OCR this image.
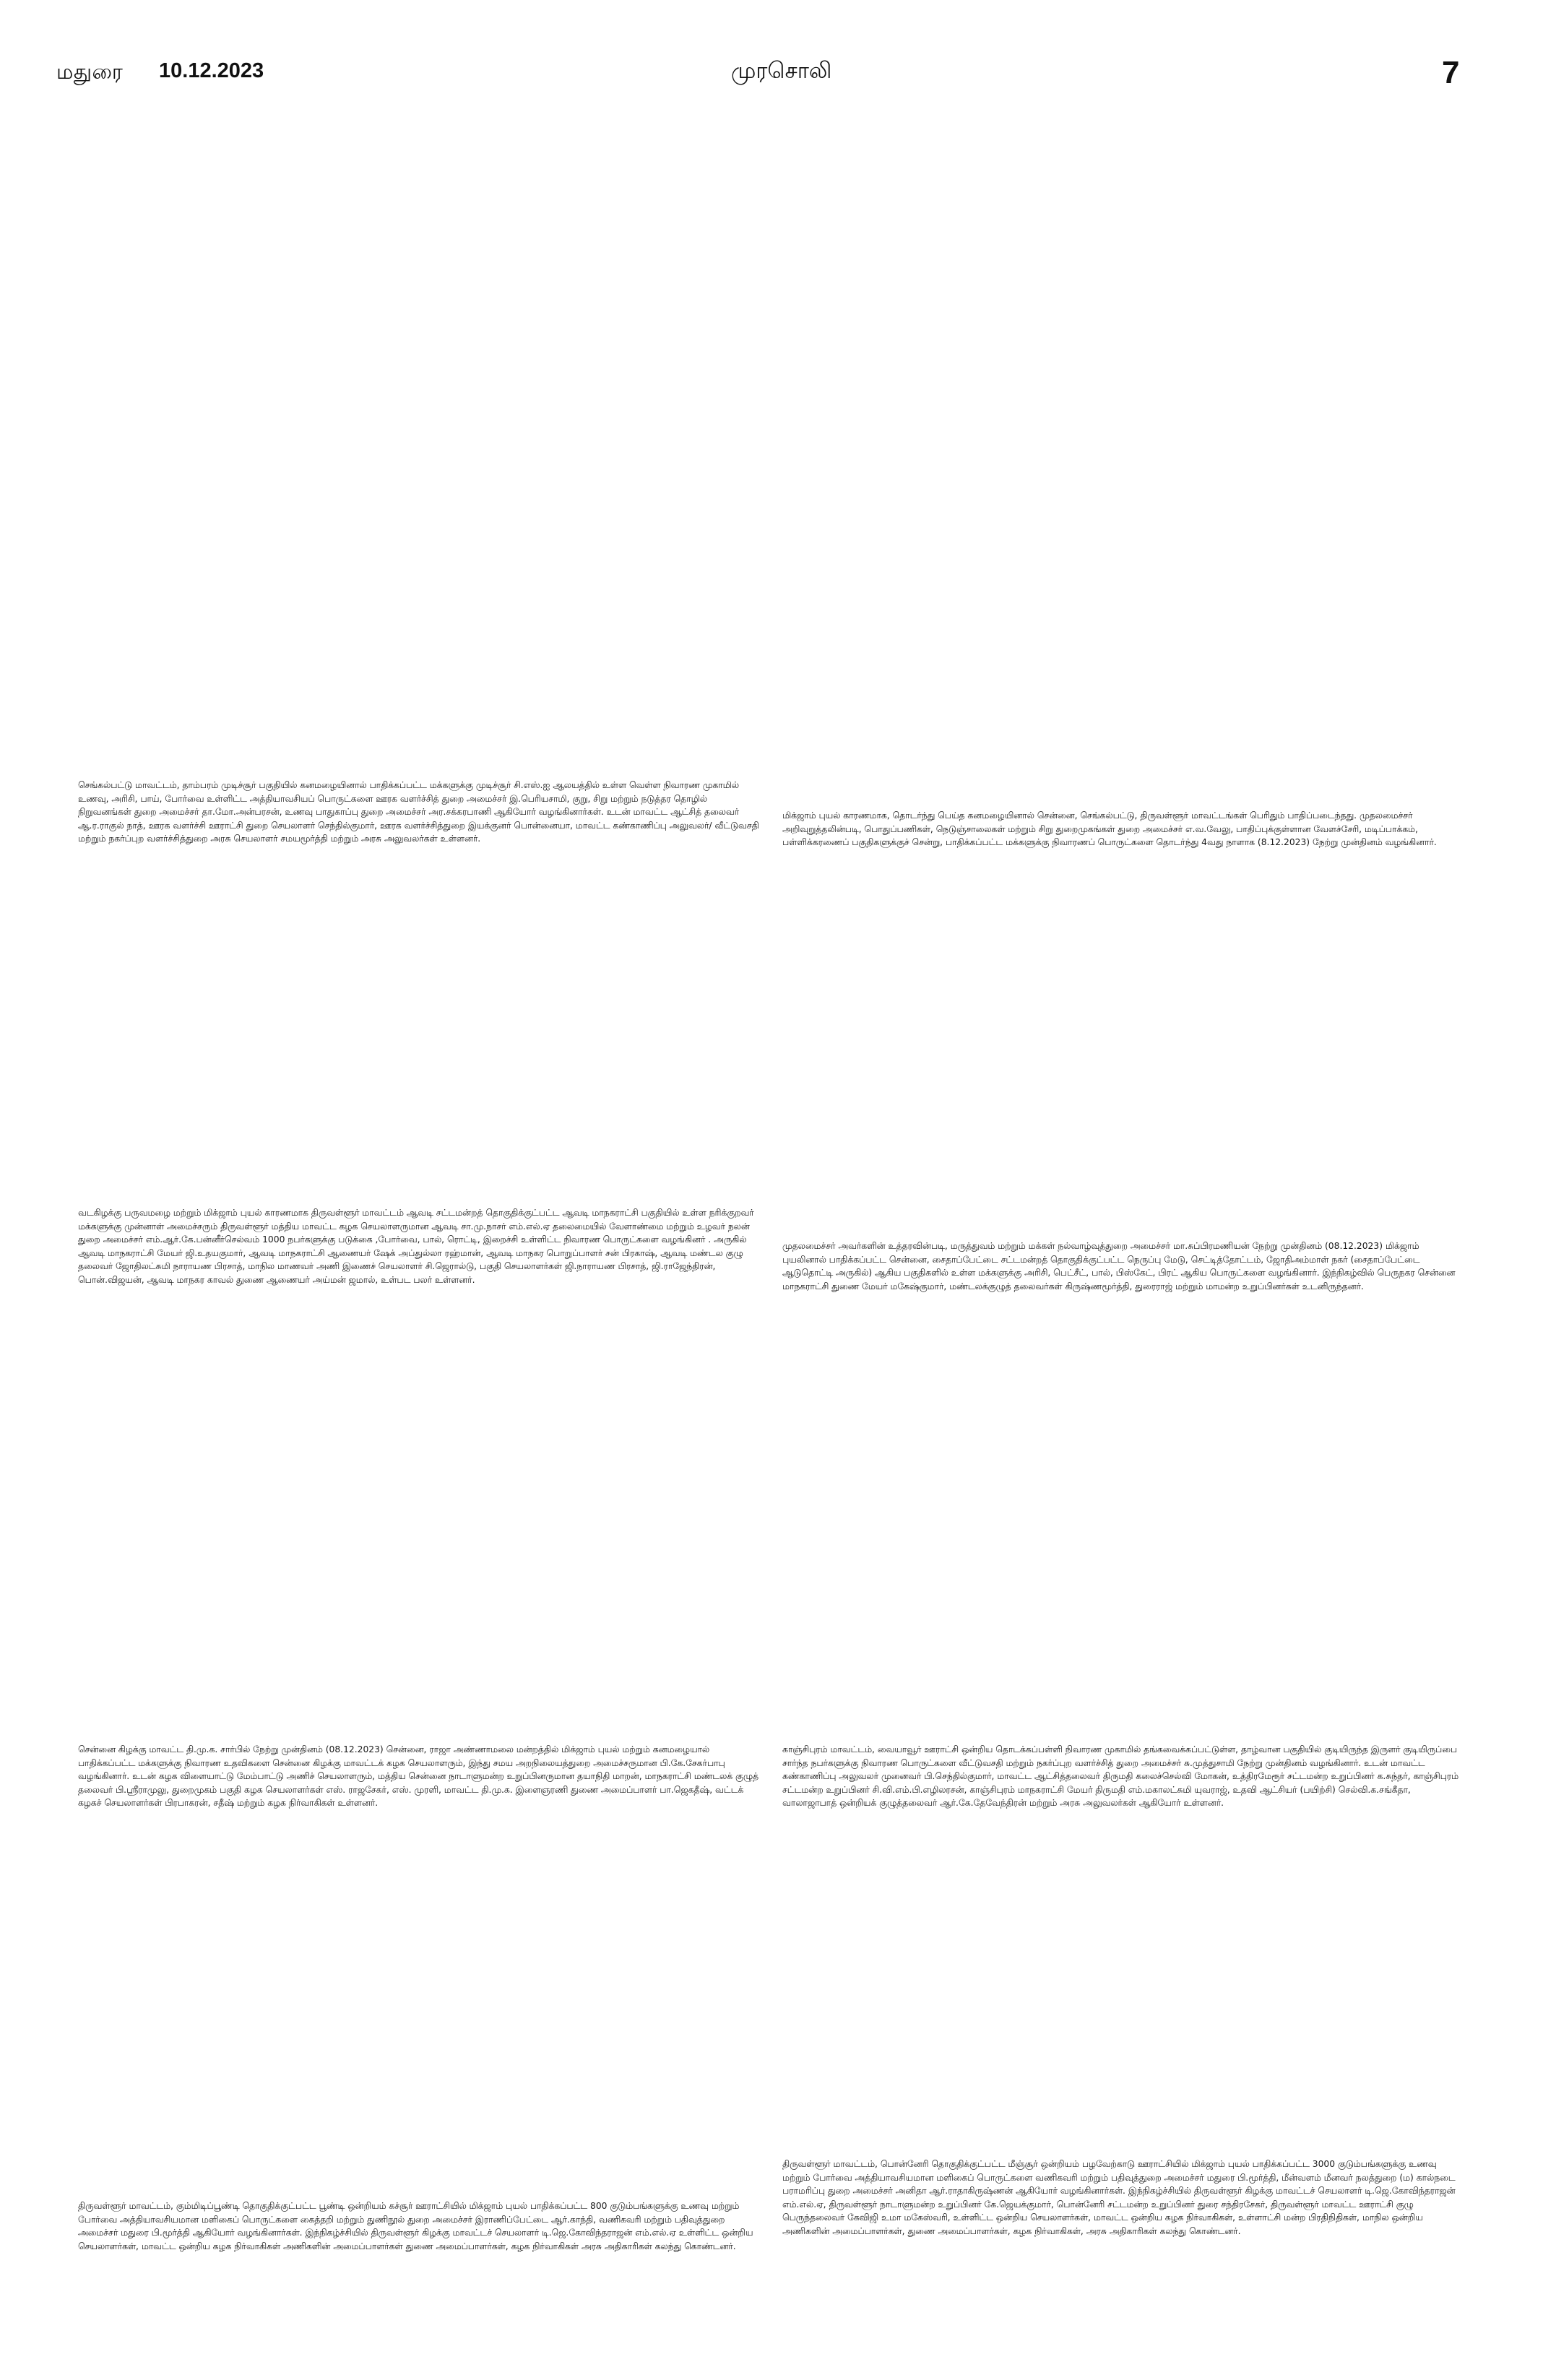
மதுரை 10.12.2023	முரசொலி	7

செங்கல்பட்டு மாவட்டம், தாம்பரம் முடிச்சூர் பகுதியில் கனமழையினால் பாதிக்கப்பட்ட மக்களுக்கு முடிச்சூர் சி.எஸ்.ஐ ஆலயத்தில் உள்ள வெள்ள நிவாரண முகாமில் உணவு, அரிசி, பாய், போர்வை உள்ளிட்ட அத்தியாவசியப் பொருட்களை ஊரக வளர்ச்சித் துறை அமைச்சர் இ.பெரியசாமி, குறு, சிறு மற்றும் நடுத்தர தொழில் நிறுவனங்கள் துறை அமைச்சர் தா.மோ.அன்பரசன், உணவு பாதுகாப்பு துறை அமைச்சர் அர.சக்கரபாணி ஆகியோர் வழங்கினார்கள். உடன் மாவட்ட ஆட்சித் தலைவர் ஆ.ர.ராகுல் நாத், ஊரக வளர்ச்சி ஊராட்சி துறை செயலாளர் செந்தில்குமார், ஊரக வளர்ச்சித்துறை இயக்குனர் பொன்னையா, மாவட்ட கண்காணிப்பு அலுவலர்/ வீட்டுவசதி மற்றும் நகர்ப்புற வளர்ச்சித்துறை அரசு செயலாளர் சமயமூர்த்தி மற்றும் அரசு அலுவலர்கள் உள்ளனர்.

மிக்ஜாம் புயல் காரணமாக, தொடர்ந்து பெய்த கனமழையினால் சென்னை, செங்கல்பட்டு, திருவள்ளூர் மாவட்டங்கள் பெரிதும் பாதிப்படைந்தது. முதலமைச்சர் அறிவுறுத்தலின்படி, பொதுப்பணிகள், நெடுஞ்சாலைகள் மற்றும் சிறு துறைமுகங்கள் துறை அமைச்சர் எ.வ.வேலு, பாதிப்புக்குள்ளான வேளச்சேரி, மடிப்பாக்கம், பள்ளிக்கரணைப் பகுதிகளுக்குச் சென்று, பாதிக்கப்பட்ட மக்களுக்கு நிவாரணப் பொருட்களை தொடர்ந்து 4வது நாளாக (8.12.2023) நேற்று முன்தினம் வழங்கினார்.

வடகிழக்கு பருவமழை மற்றும் மிக்ஜாம் புயல் காரணமாக திருவள்ளூர் மாவட்டம் ஆவடி சட்டமன்றத் தொகுதிக்குட்பட்ட ஆவடி மாநகராட்சி பகுதியில் உள்ள நரிக்குறவர் மக்களுக்கு முன்னாள் அமைச்சரும் திருவள்ளூர் மத்திய மாவட்ட கழக செயலாளருமான ஆவடி சா.மு.நாசர் எம்.எல்.ஏ தலைமையில் வேளாண்மை மற்றும் உழவர் நலன் துறை அமைச்சர் எம்.ஆர்.கே.பன்னீர்செல்வம் 1000 நபர்களுக்கு படுக்கை ,போர்வை, பால், ரொட்டி, இறைச்சி உள்ளிட்ட நிவாரண பொருட்களை வழங்கினர் . அருகில் ஆவடி மாநகராட்சி மேயர் ஜி.உதயகுமார், ஆவடி மாநகராட்சி ஆணையர் ஷேக் அப்துல்லா ரஹ்மான், ஆவடி மாநகர பொறுப்பாளர் சன் பிரகாஷ், ஆவடி மண்டல குழு தலைவர் ஜோதிலட்சுமி நாராயண பிரசாத், மாநில மாணவர் அணி இணைச் செயலாளர் சி.ஜெரால்டு, பகுதி செயலாளர்கள் ஜி.நாராயண பிரசாத், ஜி.ராஜேந்திரன், பொன்.விஜயன், ஆவடி மாநகர காவல் துணை ஆணையர் அய்மன் ஜமால், உள்பட பலர் உள்ளனர்.

முதலமைச்சர் அவர்களின் உத்தரவின்படி, மருத்துவம் மற்றும் மக்கள் நல்வாழ்வுத்துறை அமைச்சர் மா.சுப்பிரமணியன் நேற்று முன்தினம் (08.12.2023) மிக்ஜாம் புயலினால் பாதிக்கப்பட்ட சென்னை, சைதாப்பேட்டை சட்டமன்றத் தொகுதிக்குட்பட்ட நெருப்பு மேடு, செட்டித்தோட்டம், ஜோதிஅம்மாள் நகர் (சைதாப்பேட்டை ஆடுதொட்டி அருகில்) ஆகிய பகுதிகளில் உள்ள மக்களுக்கு அரிசி, பெட்சீட், பால், பிஸ்கேட், பிரட் ஆகிய பொருட்களை வழங்கினார். இந்நிகழ்வில் பெருநகர சென்னை மாநகராட்சி துணை மேயர் மகேஷ்குமார், மண்டலக்குழுத் தலைவர்கள் கிருஷ்ணமூர்த்தி, துரைராஜ் மற்றும் மாமன்ற உறுப்பினர்கள் உடனிருந்தனர்.

சென்னை கிழக்கு மாவட்ட தி.மு.க. சார்பில் நேற்று முன்தினம் (08.12.2023) சென்னை, ராஜா அண்ணாமலை மன்றத்தில் மிக்ஜாம் புயல் மற்றும் கனமழையால் பாதிக்கப்பட்ட மக்களுக்கு நிவாரண உதவிகளை சென்னை கிழக்கு மாவட்டக் கழக செயலாளரும், இந்து சமய அறநிலையத்துறை அமைச்சருமான பி.கே.சேகர்பாபு வழங்கினார். உடன் கழக விளையாட்டு மேம்பாட்டு அணிச் செயலாளரும், மத்திய சென்னை நாடாளுமன்ற உறுப்பினருமான தயாநிதி மாறன், மாநகராட்சி மண்டலக் குழுத் தலைவர் பி.ஸ்ரீராமுலு, துறைமுகம் பகுதி கழக செயலாளர்கள் எஸ். ராஜசேகர், எஸ். முரளி, மாவட்ட தி.மு.க. இளைஞரணி துணை அமைப்பாளர் பா.ஜெகதீஷ், வட்டக் கழகச் செயலாளர்கள் பிரபாகரன், சதீஷ் மற்றும் கழக நிர்வாகிகள் உள்ளனர்.

காஞ்சிபுரம் மாவட்டம், வையாவூர் ஊராட்சி ஒன்றிய தொடக்கப்பள்ளி நிவாரண முகாமில் தங்கவைக்கப்பட்டுள்ள, தாழ்வான பகுதியில் குடியிருந்த இருளர் குடியிருப்பை சார்ந்த நபர்களுக்கு நிவாரண பொருட்களை வீட்டுவசதி மற்றும் நகர்ப்புற வளர்ச்சித் துறை அமைச்சர் சு.முத்துசாமி நேற்று முன்தினம் வழங்கினார். உடன் மாவட்ட கண்காணிப்பு அலுவலர் முனைவர் பி.செந்தில்குமார், மாவட்ட ஆட்சித்தலைவர் திருமதி கலைச்செல்வி மோகன், உத்திரமேரூர் சட்டமன்ற உறுப்பினர் க.சுந்தர், காஞ்சிபுரம் சட்டமன்ற உறுப்பினர் சி.வி.எம்.பி.எழிலரசன், காஞ்சிபுரம் மாநகராட்சி மேயர் திருமதி எம்.மகாலட்சுமி யுவராஜ், உதவி ஆட்சியர் (பயிற்சி) செல்வி.க.சங்கீதா, வாலாஜாபாத் ஒன்றியக் குழுத்தலைவர் ஆர்.கே.தேவேந்திரன் மற்றும் அரசு அலுவலர்கள் ஆகியோர் உள்ளனர்.

திருவள்ளூர் மாவட்டம், கும்மிடிப்பூண்டி தொகுதிக்குட்பட்ட பூண்டி ஒன்றியம் கச்சூர் ஊராட்சியில் மிக்ஜாம் புயல் பாதிக்கப்பட்ட 800 குடும்பங்களுக்கு உணவு மற்றும் போர்வை அத்தியாவசியமான மளிகைப் பொருட்களை கைத்தறி மற்றும் துணிநூல் துறை அமைச்சர் இராணிப்பேட்டை ஆர்.காந்தி, வணிகவரி மற்றும் பதிவுத்துறை அமைச்சர் மதுரை பி.மூர்த்தி ஆகியோர் வழங்கினார்கள். இந்நிகழ்ச்சியில் திருவள்ளூர் கிழக்கு மாவட்டச் செயலாளர் டி.ஜெ.கோவிந்தராஜன் எம்.எல்.ஏ உள்ளிட்ட ஒன்றிய செயலாளர்கள், மாவட்ட ஒன்றிய கழக நிர்வாகிகள் அணிகளின் அமைப்பாளர்கள் துணை அமைப்பாளர்கள், கழக நிர்வாகிகள் அரசு அதிகாரிகள் கலந்து கொண்டனர்.

திருவள்ளூர் மாவட்டம், பொன்னேரி தொகுதிக்குட்பட்ட மீஞ்சூர் ஒன்றியம் பழவேற்காடு ஊராட்சியில் மிக்ஜாம் புயல் பாதிக்கப்பட்ட 3000 குடும்பங்களுக்கு உணவு மற்றும் போர்வை அத்தியாவசியமான மளிகைப் பொருட்களை வணிகவரி மற்றும் பதிவுத்துறை அமைச்சர் மதுரை பி.மூர்த்தி, மீன்வளம் மீனவர் நலத்துறை (ம) கால்நடை பராமரிப்பு துறை அமைச்சர் அனிதா ஆர்.ராதாகிருஷ்ணன் ஆகியோர் வழங்கினார்கள். இந்நிகழ்ச்சியில் திருவள்ளூர் கிழக்கு மாவட்டச் செயலாளர் டி.ஜெ.கோவிந்தராஜன் எம்.எல்.ஏ, திருவள்ளூர் நாடாளுமன்ற உறுப்பினர் கே.ஜெயக்குமார், பொன்னேரி சட்டமன்ற உறுப்பினர் துரை சந்திரசேகர், திருவள்ளூர் மாவட்ட ஊராட்சி குழு பெருந்தலைவர் கேவிஜி உமா மகேஸ்வரி, உள்ளிட்ட ஒன்றிய செயலாளர்கள், மாவட்ட ஒன்றிய கழக நிர்வாகிகள், உள்ளாட்சி மன்ற பிரதிநிதிகள், மாநில ஒன்றிய அணிகளின் அமைப்பாளர்கள், துணை அமைப்பாளர்கள், கழக நிர்வாகிகள், அரசு அதிகாரிகள் கலந்து கொண்டனர்.
